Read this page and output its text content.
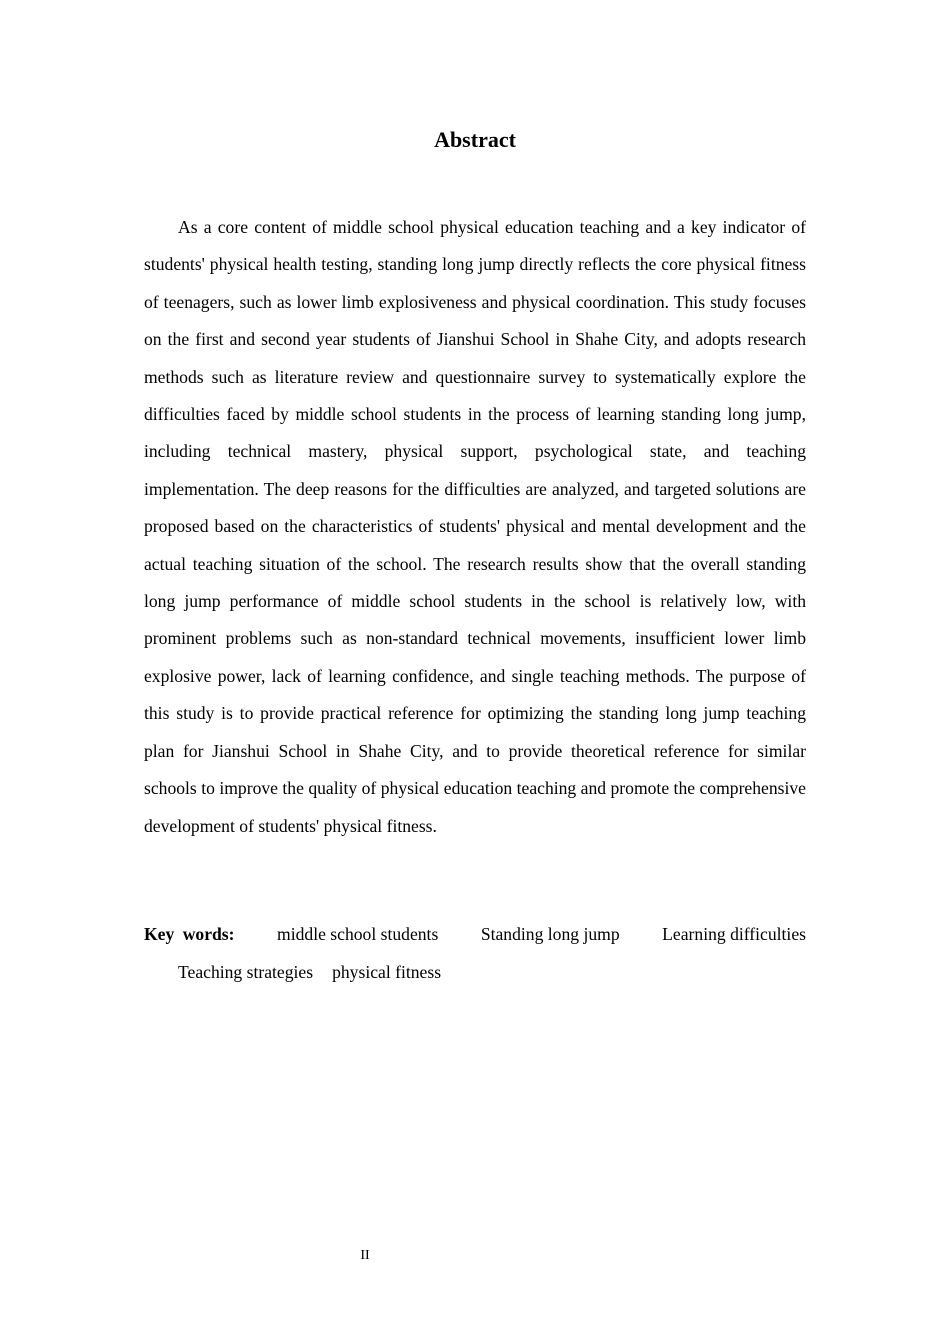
Abstract

As a core content of middle school physical education teaching and a key indicator of students' physical health testing, standing long jump directly reflects the core physical fitness of teenagers, such as lower limb explosiveness and physical coordination. This study focuses on the first and second year students of Jianshui School in Shahe City, and adopts research methods such as literature review and questionnaire survey to systematically explore the difficulties faced by middle school students in the process of learning standing long jump, including technical mastery, physical support, psychological state, and teaching implementation. The deep reasons for the difficulties are analyzed, and targeted solutions are proposed based on the characteristics of students' physical and mental development and the actual teaching situation of the school. The research results show that the overall standing long jump performance of middle school students in the school is relatively low, with prominent problems such as non-standard technical movements, insufficient lower limb explosive power, lack of learning confidence, and single teaching methods. The purpose of this study is to provide practical reference for optimizing the standing long jump teaching plan for Jianshui School in Shahe City, and to provide theoretical reference for similar schools to improve the quality of physical education teaching and promote the comprehensive development of students' physical fitness.

Key words: middle school students Standing long jump Learning difficulties
Teaching strategies physical fitness
II
